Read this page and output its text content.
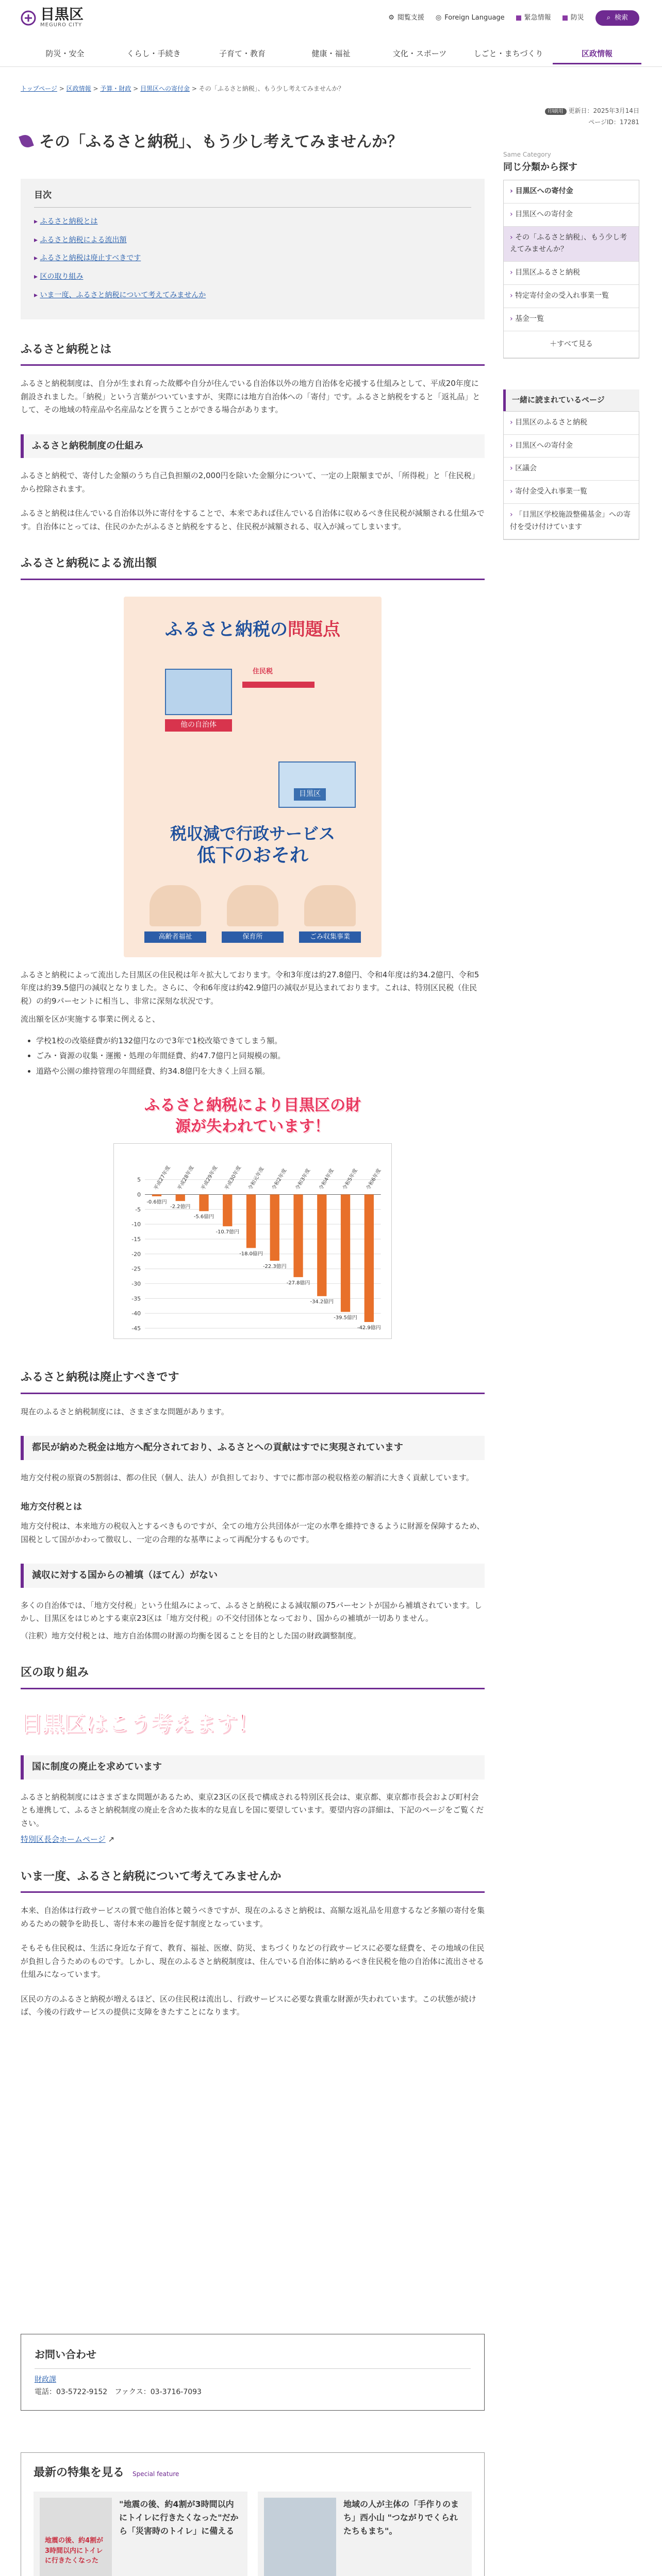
目黒区
MEGURO CITY
⚙ 閲覧支援 ◎ Foreign Language	緊急情報	防災	⌕ 検索
防災・安全	くらし・手続き	子育て・教育	健康・福祉	文化・スポーツ	しごと・まちづくり	区政情報
トップページ > 区政情報 > 予算・財政 > 目黒区への寄付金 > その「ふるさと納税」、もう少し考えてみませんか？
印刷用 更新日：2025年3月14日
ページID：17281
その「ふるさと納税」、もう少し考えてみませんか？
目次
▸ ふるさと納税とは
▸ ふるさと納税による流出額
▸ ふるさと納税は廃止すべきです
▸ 区の取り組み
▸ いま一度、ふるさと納税について考えてみませんか
ふるさと納税とは

ふるさと納税制度は、自分が生まれ育った故郷や自分が住んでいる自治体以外の地方自治体を応援する仕組みとして、平成20年度に創設されました。「納税」という言葉がついていますが、実際には地方自治体への「寄付」です。ふるさと納税をすると「返礼品」として、その地域の特産品や名産品などを貰うことができる場合があります。

ふるさと納税制度の仕組み

ふるさと納税で、寄付した金額のうち自己負担額の2,000円を除いた金額分について、一定の上限額までが、「所得税」と「住民税」から控除されます。

ふるさと納税は住んでいる自治体以外に寄付をすることで、本来であれば住んでいる自治体に収めるべき住民税が減額される仕組みです。自治体にとっては、住民のかたがふるさと納税をすると、住民税が減額される、収入が減ってしまいます。

ふるさと納税による流出額
ふるさと納税の問題点
他の自治体
住民税
目黒区
税収減で行政サービス
低下のおそれ
高齢者福祉	保育所	ごみ収集事業

ふるさと納税によって流出した目黒区の住民税は年々拡大しております。令和3年度は約27.8億円、令和4年度は約34.2億円、令和5年度は約39.5億円の減収となりました。さらに、令和6年度は約42.9億円の減収が見込まれております。これは、特別区民税（住民税）の約9パーセントに相当し、非常に深刻な状況です。

流出額を区が実施する事業に例えると、

• 学校1校の改築経費が約132億円なので3年で1校改築できてしまう額。
• ごみ・資源の収集・運搬・処理の年間経費、約47.7億円と同規模の額。
• 道路や公園の維持管理の年間経費、約34.8億円を大きく上回る額。
ふるさと納税により目黒区の財源が失われています！
5
0
-5
-10
-15
-20
-25
-30
-35
-40
-45
-0.6億円
平成27年度
-2.2億円
平成28年度
-5.6億円
平成29年度
-10.7億円
平成30年度
-18.0億円
令和元年度
-22.3億円
令和2年度
-27.8億円
令和3年度
-34.2億円
令和4年度
-39.5億円
令和5年度
-42.9億円
令和6年度
ふるさと納税は廃止すべきです

現在のふるさと納税制度には、さまざまな問題があります。

都民が納めた税金は地方へ配分されており、ふるさとへの貢献はすでに実現されています

地方交付税の原資の5割弱は、都の住民（個人、法人）が負担しており、すでに都市部の税収格差の解消に大きく貢献しています。

地方交付税とは

地方交付税は、本来地方の税収入とするべきものですが、全ての地方公共団体が一定の水準を維持できるように財源を保障するため、国税として国がかわって徴収し、一定の合理的な基準によって再配分するものです。

減収に対する国からの補填（ほてん）がない

多くの自治体では、「地方交付税」という仕組みによって、ふるさと納税による減収額の75パーセントが国から補填されています。しかし、目黒区をはじめとする東京23区は「地方交付税」の不交付団体となっており、国からの補填が一切ありません。

（注釈）地方交付税とは、地方自治体間の財源の均衡を図ることを目的とした国の財政調整制度。

区の取り組み
目黒区はこう考えます！
国に制度の廃止を求めています

ふるさと納税制度にはさまざまな問題があるため、東京23区の区長で構成される特別区長会は、東京都、東京都市長会および町村会とも連携して、ふるさと納税制度の廃止を含めた抜本的な見直しを国に要望しています。要望内容の詳細は、下記のページをご覧ください。

特別区長会ホームページ ↗

いま一度、ふるさと納税について考えてみませんか

本来、自治体は行政サービスの質で他自治体と競うべきですが、現在のふるさと納税は、高額な返礼品を用意するなど多額の寄付を集めるための競争を助長し、寄付本来の趣旨を促す制度となっています。

そもそも住民税は、生活に身近な子育て、教育、福祉、医療、防災、まちづくりなどの行政サービスに必要な経費を、その地域の住民が負担し合うためのものです。しかし、現在のふるさと納税制度は、住んでいる自治体に納めるべき住民税を他の自治体に流出させる仕組みになっています。

区民の方のふるさと納税が増えるほど、区の住民税は流出し、行政サービスに必要な貴重な財源が失われています。この状態が続けば、今後の行政サービスの提供に支障をきたすことになります。

Same Category
同じ分類から探す
› 目黒区への寄付金
› 目黒区への寄付金
› その「ふるさと納税」、もう少し考えてみませんか？
› 目黒区ふるさと納税
› 特定寄付金の受入れ事業一覧
› 基金一覧
＋すべて見る
一緒に読まれているページ
› 目黒区のふるさと納税
› 目黒区への寄付金
› 区議会
› 寄付金受入れ事業一覧
› 「目黒区学校施設整備基金」への寄付を受け付けています
お問い合わせ

財政課

電話：03-5722-9152　 ファクス：03-3716-7093

最新の特集を見る Special feature
地震の後、約4割が3時間以内にトイレに行きたくなった
"地震の後、約4割が3時間以内にトイレに行きたくなった"だから「災害時のトイレ」に備える
地域の人が主体の「手作りのまち」西小山 "つながりでくられたちもまち"。
